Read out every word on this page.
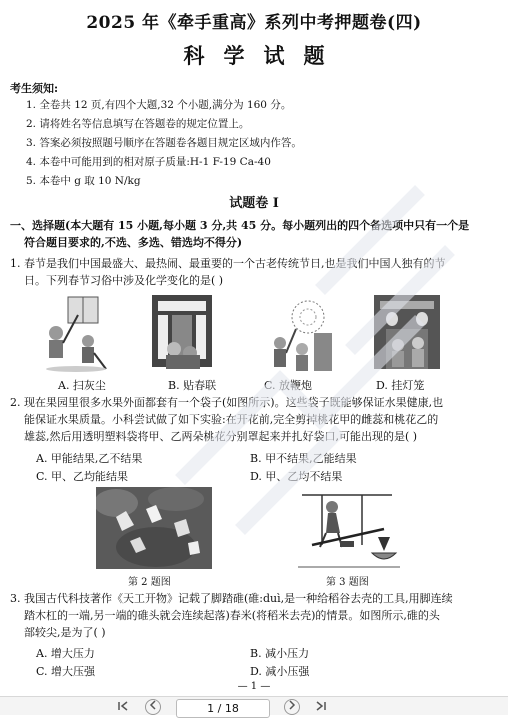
2025 年《牵手重高》系列中考押题卷(四)
科学试题
考生须知:
1. 全卷共 12 页,有四个大题,32 个小题,满分为 160 分。
2. 请将姓名等信息填写在答题卷的规定位置上。
3. 答案必须按照题号顺序在答题卷各题目规定区域内作答。
4. 本卷中可能用到的相对原子质量:H-1 F-19 Ca-40
5. 本卷中 g 取 10 N/kg
试题卷 Ⅰ
一、选择题(本大题有 15 小题,每小题 3 分,共 45 分。每小题列出的四个备选项中只有一个是
符合题目要求的,不选、多选、错选均不得分)
1. 春节是我们中国最盛大、最热闹、最重要的一个古老传统节日,也是我们中国人独有的节
日。下列春节习俗中涉及化学变化的是( )
A. 扫灰尘	B. 贴春联	C. 放鞭炮	D. 挂灯笼
2. 现在果园里很多水果外面都套有一个袋子(如图所示)。这些袋子既能够保证水果健康,也
能保证水果质量。小科尝试做了如下实验:在开花前,完全剪掉桃花甲的雌蕊和桃花乙的
雄蕊,然后用透明塑料袋将甲、乙两朵桃花分别罩起来并扎好袋口,可能出现的是( )
A. 甲能结果,乙不结果	B. 甲不结果,乙能结果
C. 甲、乙均能结果	D. 甲、乙均不结果
第 2 题图	第 3 题图
3. 我国古代科技著作《天工开物》记载了脚踏碓(碓:duì,是一种给稻谷去壳的工具,用脚连续
踏木杠的一端,另一端的碓头就会连续起落)春米(将稻米去壳)的情景。如图所示,碓的头
部较尖,是为了( )
A. 增大压力	B. 减小压力
C. 增大压强	D. 减小压强
— 1 —
1 / 18
